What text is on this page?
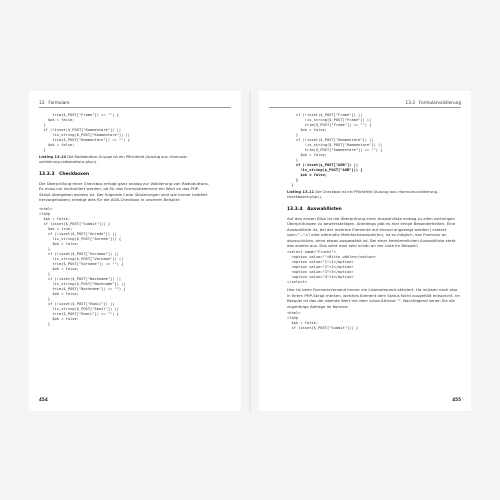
13 Formulare
trim($_POST["Frame"]) == "") {
$ok = false;
}
if (!isset($_POST["Kommentare"]) ||
!is_string($_POST["Kommentare"]) ||
trim($_POST["Kommentare"]) == "") {
$ok = false;
}
Listing 13.10 Die Radiobutton-Gruppe ist ein Pflichtfeld (Auszug aus »formular-validierung-radiobuttons.php«).
13.3.3 Checkboxen
Die Überprüfung einer Checkbox erfolgt ganz analog zur Validierung von Radiobuttons. Es muss nur kontrolliert werden, ob für das Formularelement ein Wert an das PHP-Skript übergeben worden ist. Der folgende Code (Änderungen sind wie immer halbfett hervorgehoben) erledigt dies für die AGB-Checkbox in unserem Beispiel:
<html>
<?php
$ok = false;
if (isset($_POST["Submit"])) {
$ok = true;
if (!isset($_POST["Anrede"]) ||
!is_string($_POST["Anrede"])) {
$ok = false;
}
if (!isset($_POST["Vorname"]) ||
!is_string($_POST["Vorname"]) ||
trim($_POST["Vorname"]) == "") {
$ok = false;
}
if (!isset($_POST["Nachname"]) ||
!is_string($_POST["Nachname"]) ||
trim($_POST["Nachname"]) == "") {
$ok = false;
}
if (!isset($_POST["Email"]) ||
!is_string($_POST["Email"]) ||
trim($_POST["Email"]) == "") {
$ok = false;
}
454
13.3 Formularvalidierung
if (!isset($_POST["Frame"]) ||
!is_string($_POST["Frame"]) ||
trim($_POST["Frame"]) == "") {
$ok = false;
}
if (!isset($_POST["Kommentare"]) ||
!is_string($_POST["Kommentare"]) ||
trim($_POST["Kommentare"]) == "") {
$ok = false;
}
if (!isset($_POST["AGB"]) ||
!is_string($_POST["AGB"])) {
$ok = false;
}
}
Listing 13.11 Die Checkbox ist ein Pflichtfeld (Auszug aus »formular-validierung-checkboxen.php«).
13.3.4 Auswahllisten
Auf den ersten Blick ist die Überprüfung einer Auswahlliste analog zu allen vorherigen Überprüfungen zu bewerkstelligen. Allerdings gibt es hier einige Besonderheiten. Eine Auswahlliste ist, bei der mehrere Elemente auf einmal angezeigt werden (<select size="...">) oder alternativ Mehrfachauswahl(en), ist es möglich, das Formular an abzuschicken, ohne etwas ausgewählt ist. Bei einer herkömmlichen Auswahlliste steht das andere aus. Das sieht man sehr schön an der Liste im Beispiel:
<select name="Frucht">
<option value="">Bitte wählen</option>
<option value="1">1</option>
<option value="2">2</option>
<option value="3">3</option>
<option value="4">4</option>
</select>
Hier ist beim Formularversand immer ein Listenelement aktiviert. Ho müssen nach also in Ihrem PHP-Skript merken, welches Element dem Status Nicht ausgefüllt entspricht. Im Beispiel ist das der oberste Wert mit dem value-Attribut "". Nachfolgend sehen Sie die zugehörige Abfrage im Konnen:
<html>
<?php
$ok = false;
if (isset($_POST["Submit"])) {
455
